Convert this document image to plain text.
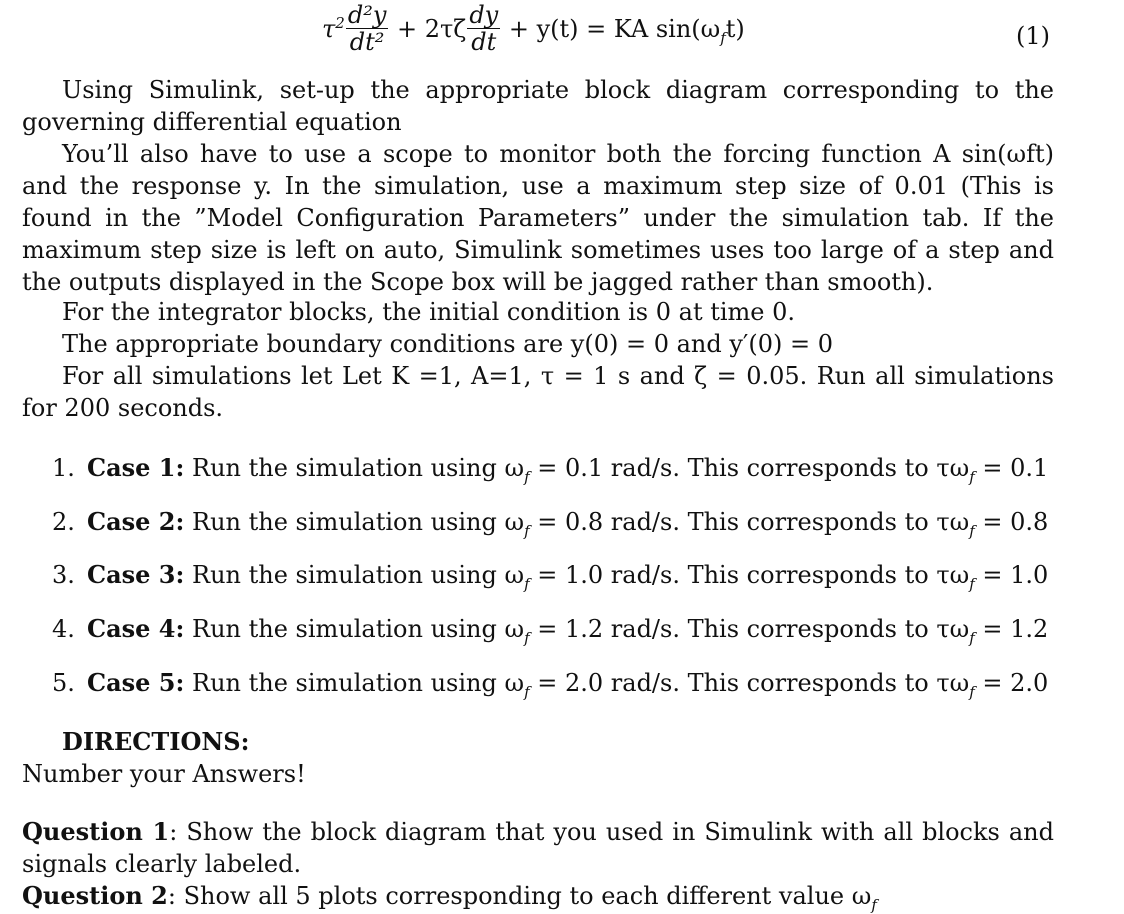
$\tau^2 \frac{\text{d²y}}{\text{dt²}} + 2\tau\zeta \frac{dy}{dt} + y(t)$ = KA $\sin(\omega_ft)$	(1)
Using Simulink, set-up the appropriate block diagram corresponding to the governing differential equation
You’ll also have to use a scope to monitor both the forcing function A sin(ωft) and the response y. In the simulation, use a maximum step size of 0.01 (This is found in the ”Model Configuration Parameters” under the simulation tab. If the maximum step size is left on auto, Simulink sometimes uses too large of a step and the outputs displayed in the Scope box will be jagged rather than smooth).
For the integrator blocks, the initial condition is 0 at time 0.
The appropriate boundary conditions are y(0) = 0 and y′(0) = 0
For all simulations let Let K =1, A=1, τ = 1 s and ζ = 0.05. Run all simulations for 200 seconds.
1. Case 1: Run the simulation using $\omega_f = 0.1$ rad/s. This corresponds to $\tau\omega_f = 0.1$
2. Case 2: Run the simulation using $\omega_f = 0.8$ rad/s. This corresponds to $\tau\omega_f = 0.8$
3. Case 3: Run the simulation using $\omega_f = 1.0$ rad/s. This corresponds to $\tau\omega_f = 1.0$
4. Case 4: Run the simulation using $\omega_f = 1.2$ rad/s. This corresponds to $\tau\omega_f = 1.2$
5. Case 5: Run the simulation using $\omega_f = 2.0$ rad/s. This corresponds to $\tau\omega_f = 2.0$
DIRECTIONS:
Number your Answers!
Question 1: Show the block diagram that you used in Simulink with all blocks and signals clearly labeled.
Question 2: Show all 5 plots corresponding to each different value $\omega_f$
